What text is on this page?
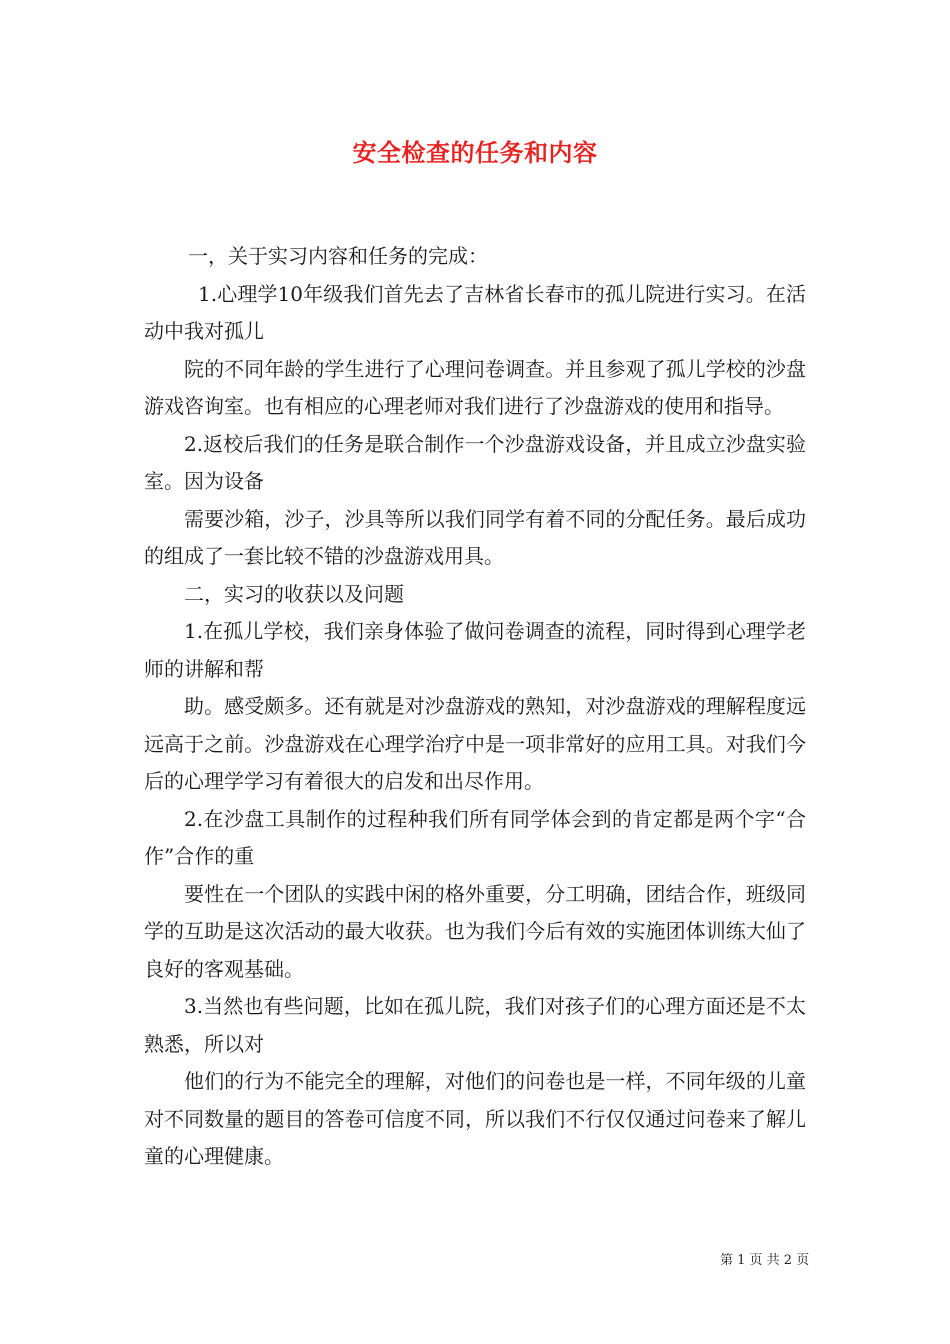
安全检查的任务和内容

一，关于实习内容和任务的完成：

1.心理学10年级我们首先去了吉林省长春市的孤儿院进行实习。在活动中我对孤儿

院的不同年龄的学生进行了心理问卷调查。并且参观了孤儿学校的沙盘游戏咨询室。也有相应的心理老师对我们进行了沙盘游戏的使用和指导。

2.返校后我们的任务是联合制作一个沙盘游戏设备，并且成立沙盘实验室。因为设备

需要沙箱，沙子，沙具等所以我们同学有着不同的分配任务。最后成功的组成了一套比较不错的沙盘游戏用具。

二，实习的收获以及问题

1.在孤儿学校，我们亲身体验了做问卷调查的流程，同时得到心理学老师的讲解和帮

助。感受颇多。还有就是对沙盘游戏的熟知，对沙盘游戏的理解程度远远高于之前。沙盘游戏在心理学治疗中是一项非常好的应用工具。对我们今后的心理学学习有着很大的启发和出尽作用。

2.在沙盘工具制作的过程种我们所有同学体会到的肯定都是两个字“合作”合作的重

要性在一个团队的实践中闲的格外重要，分工明确，团结合作，班级同学的互助是这次活动的最大收获。也为我们今后有效的实施团体训练大仙了良好的客观基础。

3.当然也有些问题，比如在孤儿院，我们对孩子们的心理方面还是不太熟悉，所以对

他们的行为不能完全的理解，对他们的问卷也是一样，不同年级的儿童对不同数量的题目的答卷可信度不同，所以我们不行仅仅通过问卷来了解儿童的心理健康。

第 1 页 共 2 页
